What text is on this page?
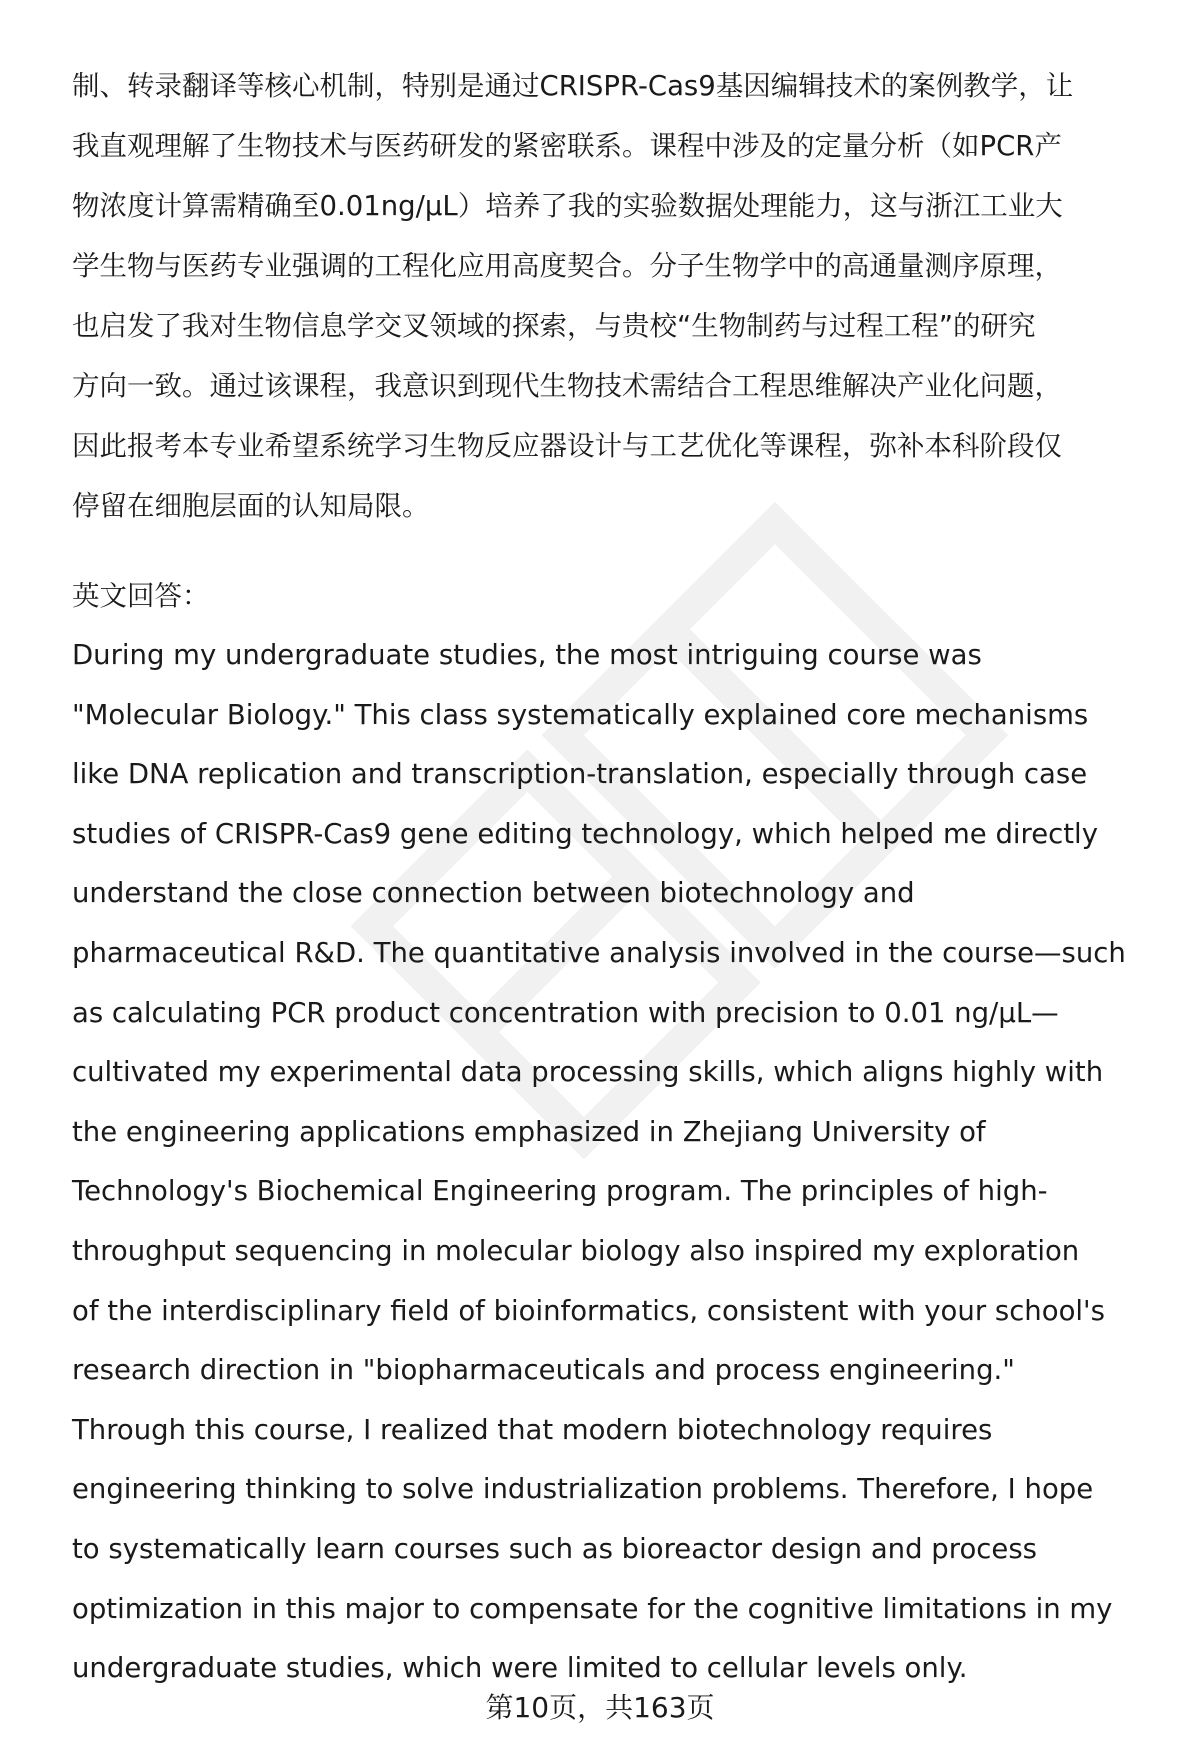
制、转录翻译等核心机制，特别是通过CRISPR-Cas9基因编辑技术的案例教学，让
我直观理解了生物技术与医药研发的紧密联系。课程中涉及的定量分析（如PCR产
物浓度计算需精确至0.01ng/μL）培养了我的实验数据处理能力，这与浙江工业大
学生物与医药专业强调的工程化应用高度契合。分子生物学中的高通量测序原理，
也启发了我对生物信息学交叉领域的探索，与贵校“生物制药与过程工程”的研究
方向一致。通过该课程，我意识到现代生物技术需结合工程思维解决产业化问题，
因此报考本专业希望系统学习生物反应器设计与工艺优化等课程，弥补本科阶段仅
停留在细胞层面的认知局限。
英文回答：
During my undergraduate studies, the most intriguing course was
"Molecular Biology." This class systematically explained core mechanisms
like DNA replication and transcription-translation, especially through case
studies of CRISPR-Cas9 gene editing technology, which helped me directly
understand the close connection between biotechnology and
pharmaceutical R&D. The quantitative analysis involved in the course—such
as calculating PCR product concentration with precision to 0.01 ng/μL—
cultivated my experimental data processing skills, which aligns highly with
the engineering applications emphasized in Zhejiang University of
Technology's Biochemical Engineering program. The principles of high-
throughput sequencing in molecular biology also inspired my exploration
of the interdisciplinary field of bioinformatics, consistent with your school's
research direction in "biopharmaceuticals and process engineering."
Through this course, I realized that modern biotechnology requires
engineering thinking to solve industrialization problems. Therefore, I hope
to systematically learn courses such as bioreactor design and process
optimization in this major to compensate for the cognitive limitations in my
undergraduate studies, which were limited to cellular levels only.
第10页，共163页
